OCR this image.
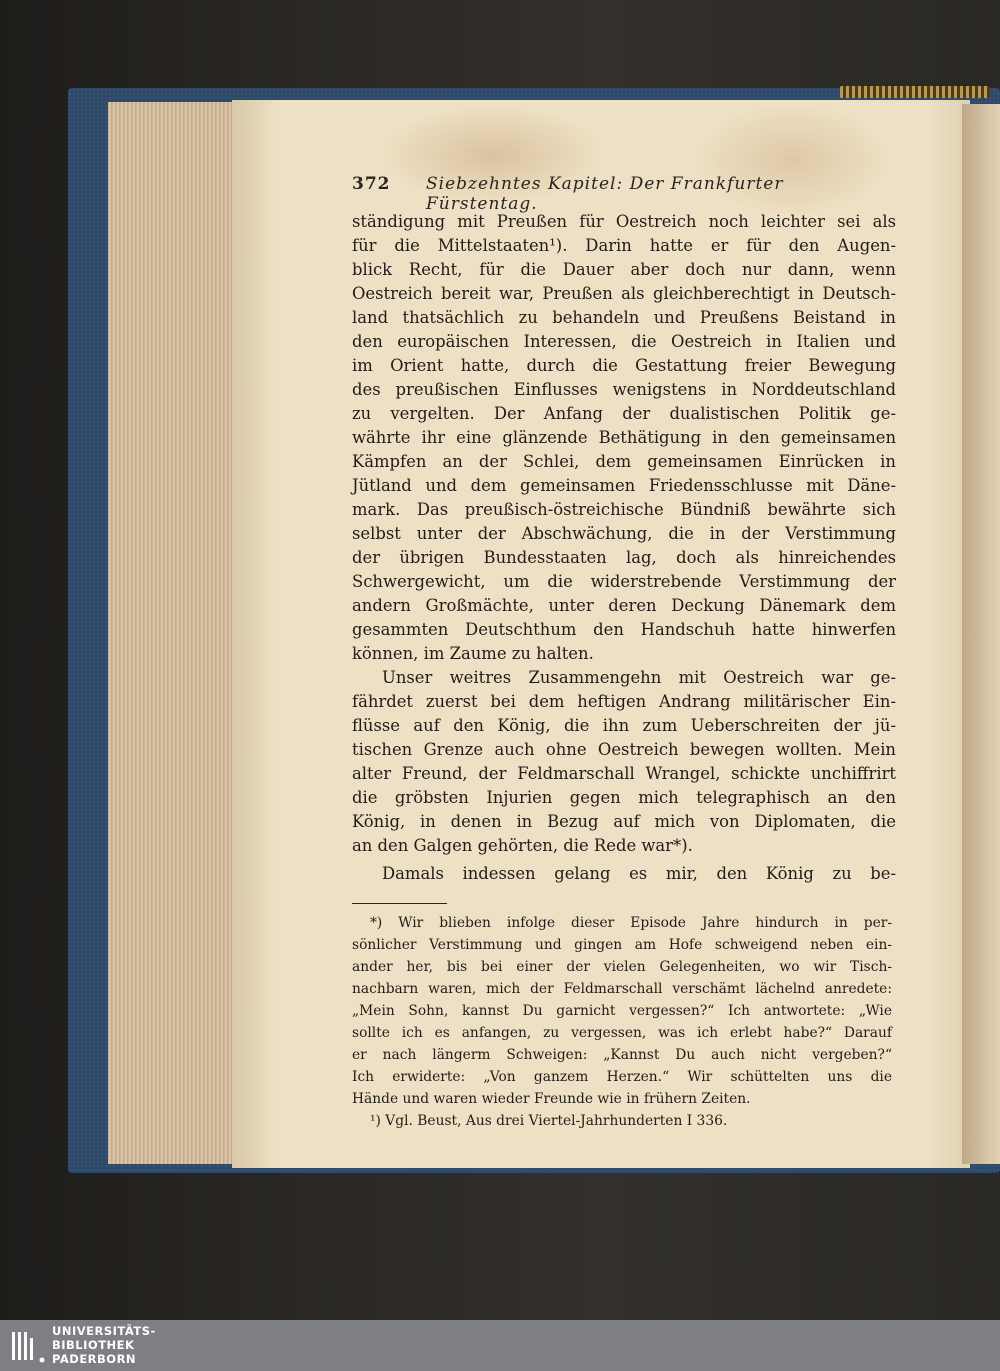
372 Siebzehntes Kapitel: Der Frankfurter Fürstentag.
ständigung mit Preußen für Oestreich noch leichter sei als
für die Mittelstaaten¹). Darin hatte er für den Augen-
blick Recht, für die Dauer aber doch nur dann, wenn
Oestreich bereit war, Preußen als gleichberechtigt in Deutsch-
land thatsächlich zu behandeln und Preußens Beistand in
den europäischen Interessen, die Oestreich in Italien und
im Orient hatte, durch die Gestattung freier Bewegung
des preußischen Einflusses wenigstens in Norddeutschland
zu vergelten. Der Anfang der dualistischen Politik ge-
währte ihr eine glänzende Bethätigung in den gemeinsamen
Kämpfen an der Schlei, dem gemeinsamen Einrücken in
Jütland und dem gemeinsamen Friedensschlusse mit Däne-
mark. Das preußisch-östreichische Bündniß bewährte sich
selbst unter der Abschwächung, die in der Verstimmung
der übrigen Bundesstaaten lag, doch als hinreichendes
Schwergewicht, um die widerstrebende Verstimmung der
andern Großmächte, unter deren Deckung Dänemark dem
gesammten Deutschthum den Handschuh hatte hinwerfen
können, im Zaume zu halten.
Unser weitres Zusammengehn mit Oestreich war ge-
fährdet zuerst bei dem heftigen Andrang militärischer Ein-
flüsse auf den König, die ihn zum Ueberschreiten der jü-
tischen Grenze auch ohne Oestreich bewegen wollten. Mein
alter Freund, der Feldmarschall Wrangel, schickte unchiffrirt
die gröbsten Injurien gegen mich telegraphisch an den
König, in denen in Bezug auf mich von Diplomaten, die
an den Galgen gehörten, die Rede war*).
Damals indessen gelang es mir, den König zu be-
*) Wir blieben infolge dieser Episode Jahre hindurch in per-
sönlicher Verstimmung und gingen am Hofe schweigend neben ein-
ander her, bis bei einer der vielen Gelegenheiten, wo wir Tisch-
nachbarn waren, mich der Feldmarschall verschämt lächelnd anredete:
„Mein Sohn, kannst Du garnicht vergessen?“ Ich antwortete: „Wie
sollte ich es anfangen, zu vergessen, was ich erlebt habe?“ Darauf
er nach längerm Schweigen: „Kannst Du auch nicht vergeben?“
Ich erwiderte: „Von ganzem Herzen.“ Wir schüttelten uns die
Hände und waren wieder Freunde wie in frühern Zeiten.
¹) Vgl. Beust, Aus drei Viertel-Jahrhunderten I 336.
UNIVERSITÄTS-
BIBLIOTHEK
PADERBORN
